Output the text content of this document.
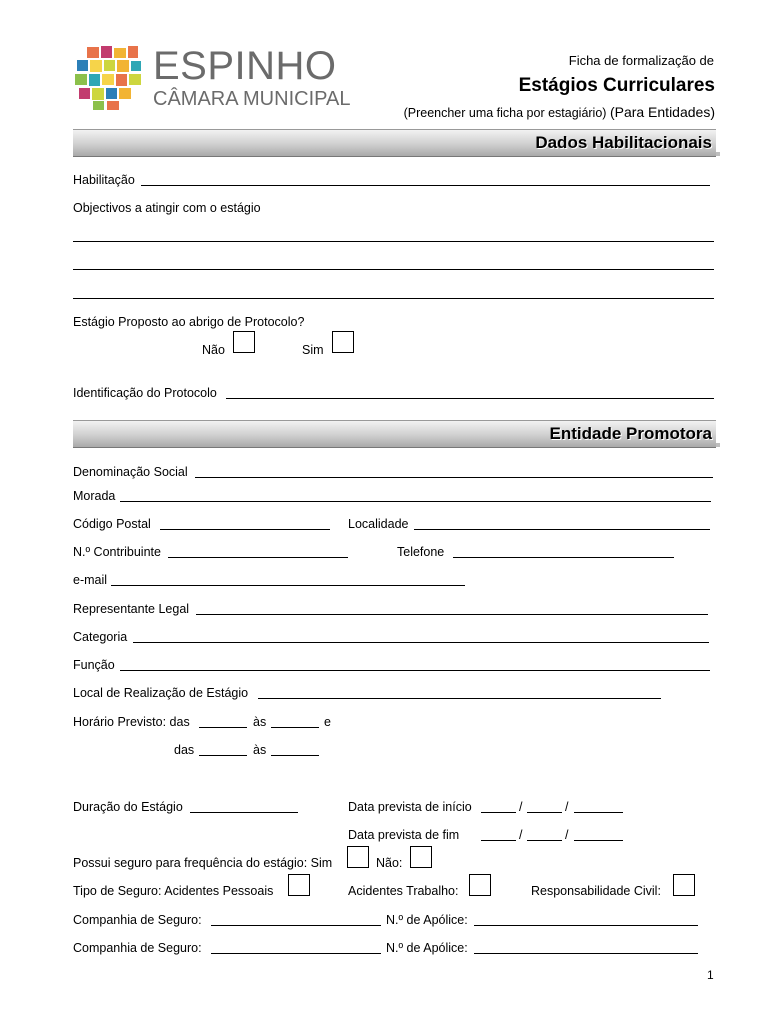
ESPINHO
CÂMARA MUNICIPAL
Ficha de formalização de
Estágios Curriculares
(Preencher uma ficha por estagiário) (Para Entidades)
Dados Habilitacionais
Habilitação
Objectivos a atingir com o estágio
Estágio Proposto ao abrigo de Protocolo?
Não	Sim
Identificação do Protocolo
Entidade Promotora
Denominação Social
Morada
Código Postal	Localidade
N.º Contribuinte	Telefone
e-mail
Representante Legal
Categoria
Função
Local de Realização de Estágio
Horário Previsto: das	às	e
das	às
Duração do Estágio	Data prevista de início	/	/
Data prevista de fim	/	/
Possui seguro para frequência do estágio: Sim	Não:
Tipo de Seguro: Acidentes Pessoais	Acidentes Trabalho:	Responsabilidade Civil:
Companhia de Seguro:	N.º de Apólice:
Companhia de Seguro:	N.º de Apólice:
1
